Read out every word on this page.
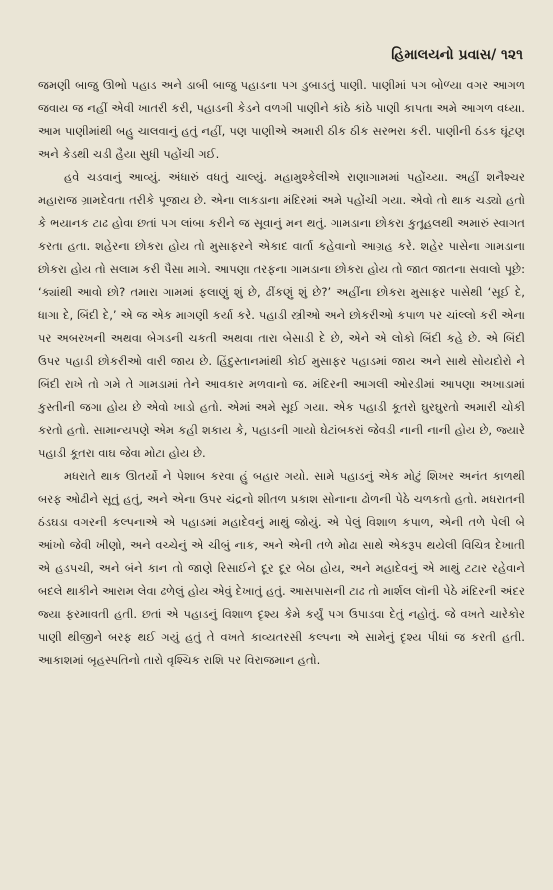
હિમાલયનો પ્રવાસ/ ૧૨૧

જમણી બાજુ ઊભો પહાડ અને ડાબી બાજુ પહાડના પગ ડુબાડતું પાણી. પાણીમાં પગ બોળ્યા વગર આગળ જવાય જ નહીં એવી ખાતરી કરી, પહાડની કેડને વળગી પાણીને કાંઠે કાંઠે પાણી કાપતા અમે આગળ વધ્યા. આમ પાણીમાંથી બહુ ચાલવાનું હતું નહીં, પણ પાણીએ અમારી ઠીક ઠીક સરભરા કરી. પાણીની ઠંડક ઘૂંટણ અને કેડથી ચડી હૈયા સુધી પહોંચી ગઈ.

હવે ચડવાનું આવ્યું. અંધારું વધતું ચાલ્યું. મહામુશ્કેલીએ રાણાગામમાં પહોંચ્યા. અહીં શનૈશ્ચર મહારાજ ગ્રામદેવતા તરીકે પૂજાય છે. એના લાકડાના મંદિરમાં અમે પહોંચી ગયા. એવો તો થાક ચડ્યો હતો કે ભયાનક ટાઢ હોવા છતાં પગ લાંબા કરીને જ સૂવાનું મન થતું. ગામડાના છોકરા કુતૂહલથી અમારું સ્વાગત કરતા હતા. શહેરના છોકરા હોય તો મુસાફરને એકાદ વાર્તા કહેવાનો આગ્રહ કરે. શહેર પાસેના ગામડાના છોકરા હોય તો સલામ કરી પૈસા માગે. આપણા તરફના ગામડાના છોકરા હોય તો જાત જાતના સવાલો પૂછે: ‘ક્યાંથી આવો છો? તમારા ગામમાં ફલાણું શું છે, ઢીંકણું શું છે?’ અહીંના છોકરા મુસાફર પાસેથી ‘સૂઈ દે, ધાગા દે, બિંદી દે,’ એ જ એક માગણી કર્યા કરે. પહાડી સ્ત્રીઓ અને છોકરીઓ કપાળ પર ચાંલ્લો કરી એના પર અબરખની અથવા બેગડની ચકતી અથવા તારા બેસાડી દે છે, એને એ લોકો બિંદી કહે છે. એ બિંદી ઉપર પહાડી છોકરીઓ વારી જાય છે. હિંદુસ્તાનમાંથી કોઈ મુસાફર પહાડમાં જાય અને સાથે સોયદોરો ને બિંદી રાખે તો ગમે તે ગામડામાં તેને આવકાર મળવાનો જ. મંદિરની આગલી ઓરડીમાં આપણા અખાડામાં કુસ્તીની જગા હોય છે એવો ખાડો હતો. એમાં અમે સૂઈ ગયા. એક પહાડી કૂતરો ઘુરઘુરતો અમારી ચોકી કરતો હતો. સામાન્યપણે એમ કહી શકાય કે, પહાડની ગાયો ઘેટાંબકરાં જેવડી નાની નાની હોય છે, જ્યારે પહાડી કૂતરા વાઘ જેવા મોટા હોય છે.

મધરાતે થાક ઊતર્યો ને પેશાબ કરવા હું બહાર ગયો. સામે પહાડનું એક મોટું શિખર અનંત કાળથી બરફ ઓઢીને સૂતું હતું, અને એના ઉપર ચંદ્રનો શીતળ પ્રકાશ સોનાના ઢોળની પેઠે ચળકતો હતો. મધરાતની ઠંડઘડા વગરની કલ્પનાએ એ પહાડમાં મહાદેવનું માથું જોયું. એ પેલું વિશાળ કપાળ, એની તળે પેલી બે આંખો જેવી ખીણો, અને વચ્ચેનું એ ચીબું નાક, અને એની તળે મોઢા સાથે એકરૂપ થયેલી વિચિત્ર દેખાતી એ હડપચી, અને બંને કાન તો જાણે રિસાઈને દૂર દૂર બેઠા હોય, અને મહાદેવનું એ માથું ટટાર રહેવાને બદલે થાકીને આરામ લેવા ઢળેલું હોય એવું દેખાતું હતું. આસપાસની ટાઢ તો માર્શલ લૉની પેઠે મંદિરની અંદર જ્યા ફરમાવતી હતી. છતાં એ પહાડનું વિશાળ દૃશ્ય કેમે કર્યું પગ ઉપાડવા દેતું નહોતું. જે વખતે ચારેકોર પાણી થીજીને બરફ થઈ ગયું હતું તે વખતે કાવ્યતરસી કલ્પના એ સામેનું દૃશ્ય પીધાં જ કરતી હતી. આકાશમાં બૃહસ્પતિનો તારો વૃશ્ચિક રાશિ પર વિરાજમાન હતો.
